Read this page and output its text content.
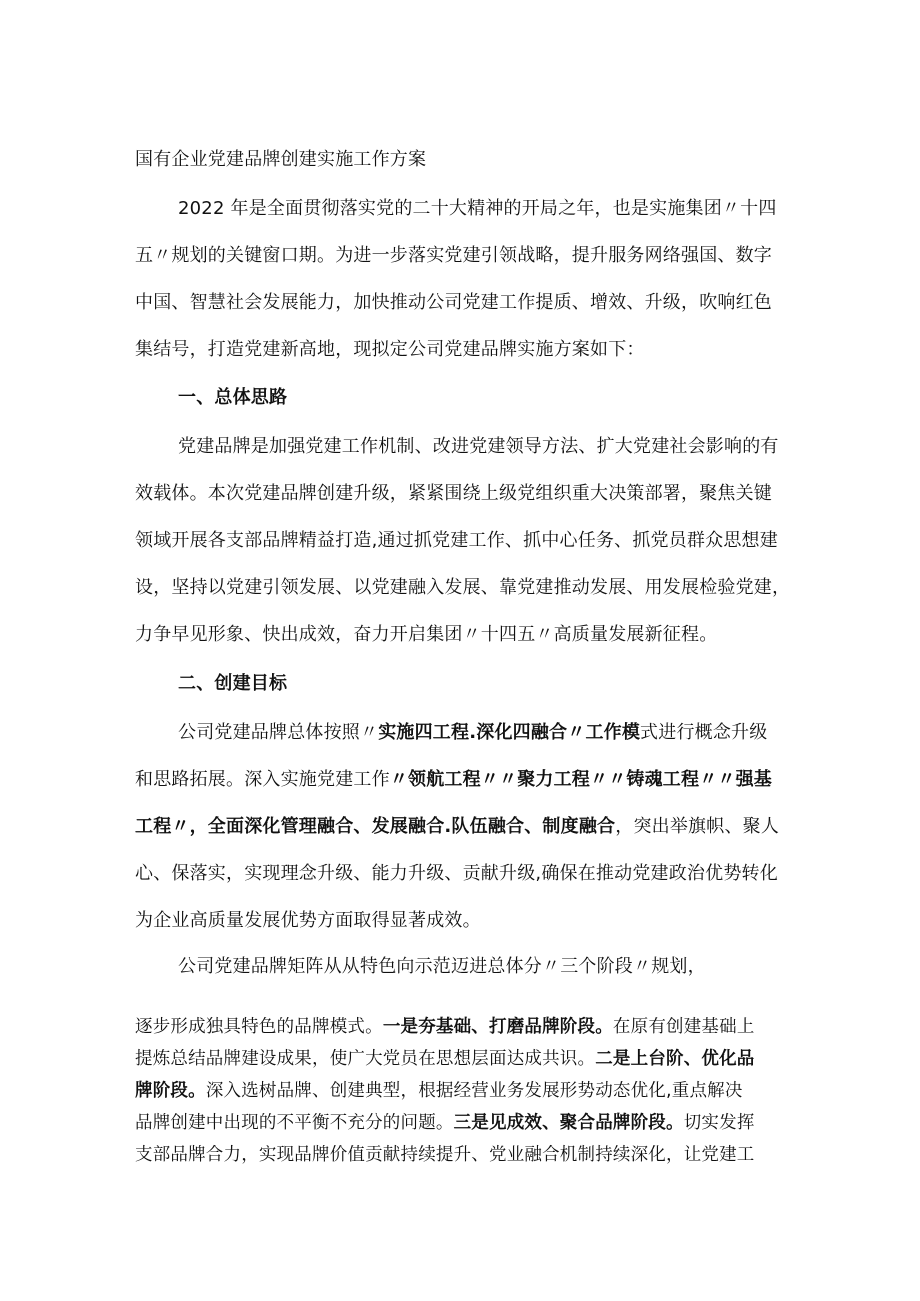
国有企业党建品牌创建实施工作方案
2022 年是全面贯彻落实党的二十大精神的开局之年，也是实施集团〃十四
五〃规划的关键窗口期。为进一步落实党建引领战略，提升服务网络强国、数字
中国、智慧社会发展能力，加快推动公司党建工作提质、增效、升级，吹响红色
集结号，打造党建新高地，现拟定公司党建品牌实施方案如下：
一、总体思路
党建品牌是加强党建工作机制、改进党建领导方法、扩大党建社会影响的有
效载体。本次党建品牌创建升级，紧紧围绕上级党组织重大决策部署，聚焦关键
领域开展各支部品牌精益打造,通过抓党建工作、抓中心任务、抓党员群众思想建
设，坚持以党建引领发展、以党建融入发展、靠党建推动发展、用发展检验党建，
力争早见形象、快出成效，奋力开启集团〃十四五〃高质量发展新征程。
二、创建目标
公司党建品牌总体按照〃实施四工程.深化四融合〃工作模式进行概念升级
和思路拓展。深入实施党建工作〃领航工程〃〃聚力工程〃〃铸魂工程〃〃强基
工程〃，全面深化管理融合、发展融合.队伍融合、制度融合，突出举旗帜、聚人
心、保落实，实现理念升级、能力升级、贡献升级,确保在推动党建政治优势转化
为企业高质量发展优势方面取得显著成效。
公司党建品牌矩阵从从特色向示范迈进总体分〃三个阶段〃规划，
逐步形成独具特色的品牌模式。一是夯基础、打磨品牌阶段。在原有创建基础上
提炼总结品牌建设成果，使广大党员在思想层面达成共识。二是上台阶、优化品
牌阶段。深入选树品牌、创建典型，根据经营业务发展形势动态优化,重点解决
品牌创建中出现的不平衡不充分的问题。三是见成效、聚合品牌阶段。切实发挥
支部品牌合力，实现品牌价值贡献持续提升、党业融合机制持续深化，让党建工
